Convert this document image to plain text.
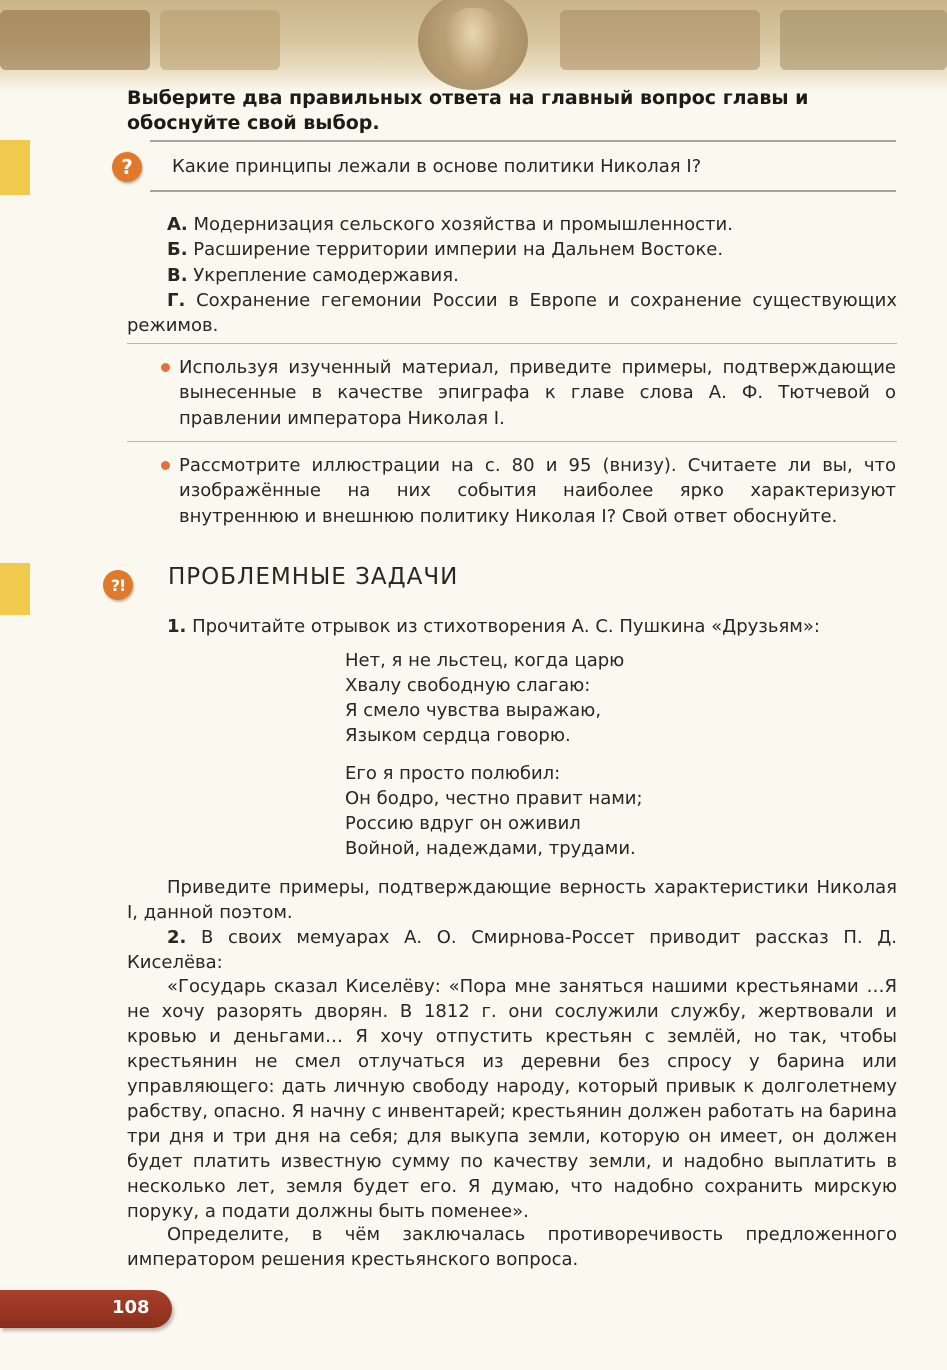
Выберите два правильных ответа на главный вопрос главы и обоснуйте свой выбор.
?	Какие принципы лежали в основе политики Николая I?
А. Модернизация сельского хозяйства и промышленности.
Б. Расширение территории империи на Дальнем Востоке.
В. Укрепление самодержавия.
Г. Сохранение гегемонии России в Европе и сохранение существующих режимов.
Используя изученный материал, приведите примеры, подтверждающие вынесенные в качестве эпиграфа к главе слова А. Ф. Тютчевой о правлении императора Николая I.
Рассмотрите иллюстрации на с. 80 и 95 (внизу). Считаете ли вы, что изображённые на них события наиболее ярко характеризуют внутреннюю и внешнюю политику Николая I? Свой ответ обоснуйте.
?!	ПРОБЛЕМНЫЕ ЗАДАЧИ
1. Прочитайте отрывок из стихотворения А. С. Пушкина «Друзьям»:
Нет, я не льстец, когда царю
Хвалу свободную слагаю:
Я смело чувства выражаю,
Языком сердца говорю.
Его я просто полюбил:
Он бодро, честно правит нами;
Россию вдруг он оживил
Войной, надеждами, трудами.
Приведите примеры, подтверждающие верность характеристики Николая I, данной поэтом.
2. В своих мемуарах А. О. Смирнова-Россет приводит рассказ П. Д. Киселёва:
«Государь сказал Киселёву: «Пора мне заняться нашими крестьянами …Я не хочу разорять дворян. В 1812 г. они сослужили службу, жертвовали и кровью и деньгами… Я хочу отпустить крестьян с землёй, но так, чтобы крестьянин не смел отлучаться из деревни без спросу у барина или управляющего: дать личную свободу народу, который привык к долголетнему рабству, опасно. Я начну с инвентарей; крестьянин должен работать на барина три дня и три дня на себя; для выкупа земли, которую он имеет, он должен будет платить известную сумму по качеству земли, и надобно выплатить в несколько лет, земля будет его. Я думаю, что надобно сохранить мирскую поруку, а подати должны быть поменее».
Определите, в чём заключалась противоречивость предложенного императором решения крестьянского вопроса.
108
